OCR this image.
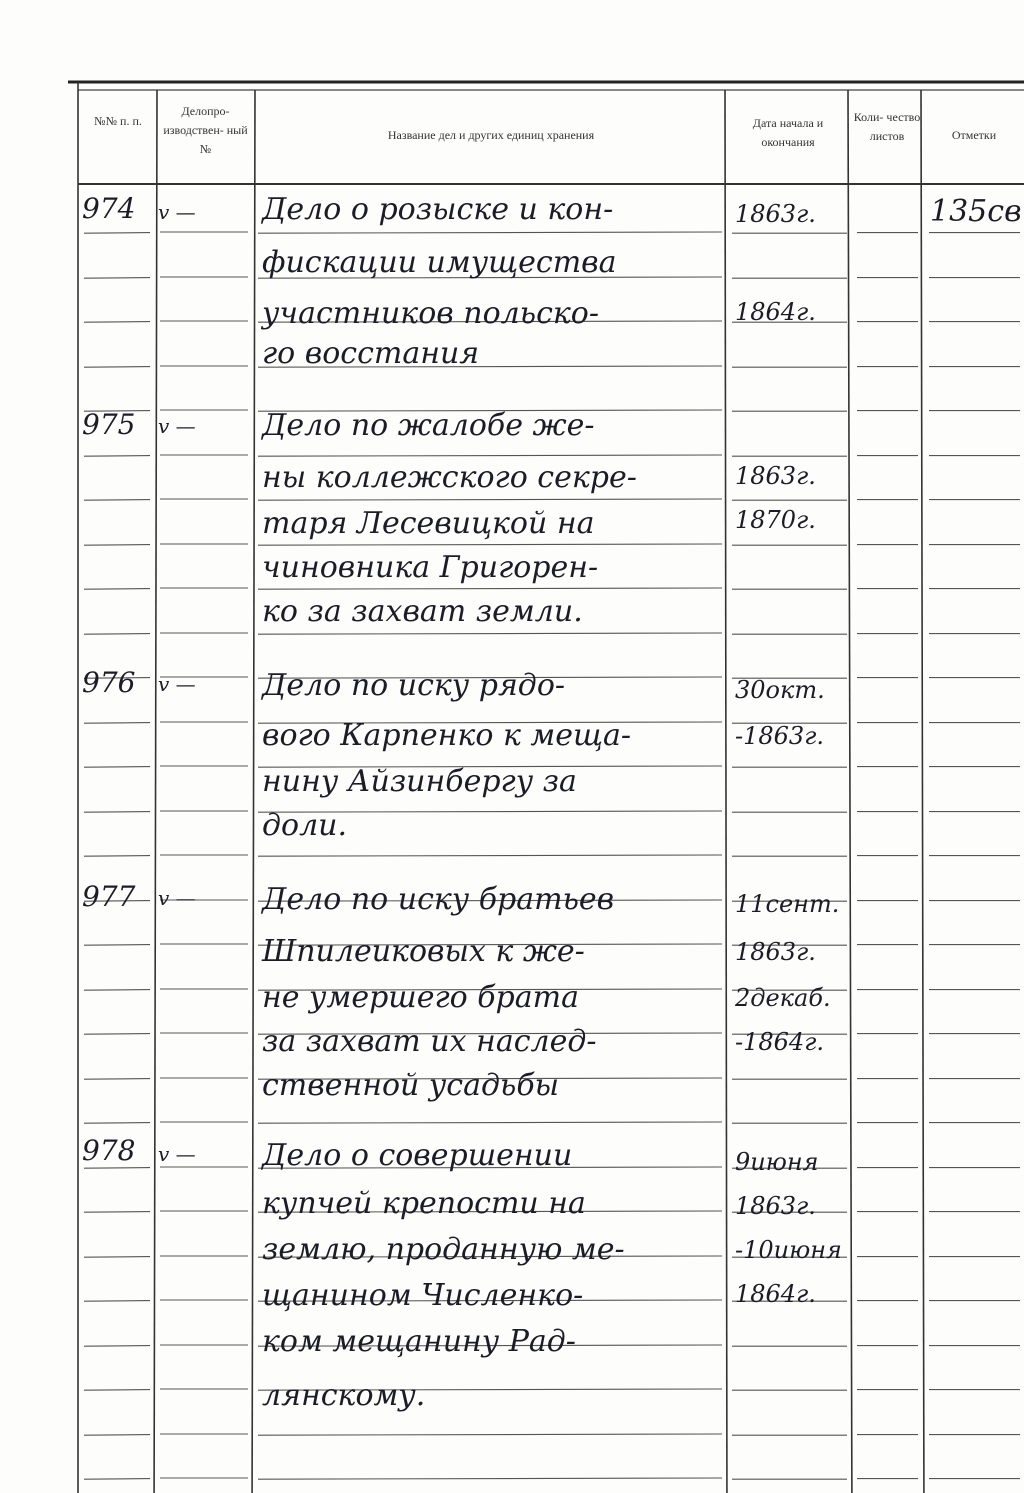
№№ п. п.
Делопро- изводствен- ный №
Название дел и других единиц хранения
Дата начала и окончания
Коли- чество листов	Отметки
974 v — Дело о розыске и кон-
фискации имущества
участников польско-
го восстания
1863г.
1864г.
135св
975 v — Дело по жалобе же-
ны коллежского секре-
таря Лесевицкой на
чиновника Григорен-
ко за захват земли.
1863г.
1870г.
976 v — Дело по иску рядо-
вого Карпенко к меща-
нину Айзинбергу за
доли.
30окт.
-1863г.
977 v — Дело по иску братьев
Шпилеиковых к же-
не умершего брата
за захват их наслед-
ственной усадьбы
11сент.
1863г.
2декаб.
-1864г.
978 v — Дело о совершении
купчей крепости на
землю, проданную ме-
щанином Численко-
ком мещанину Рад-
лянскому.
9июня
1863г.
-10июня
1864г.
